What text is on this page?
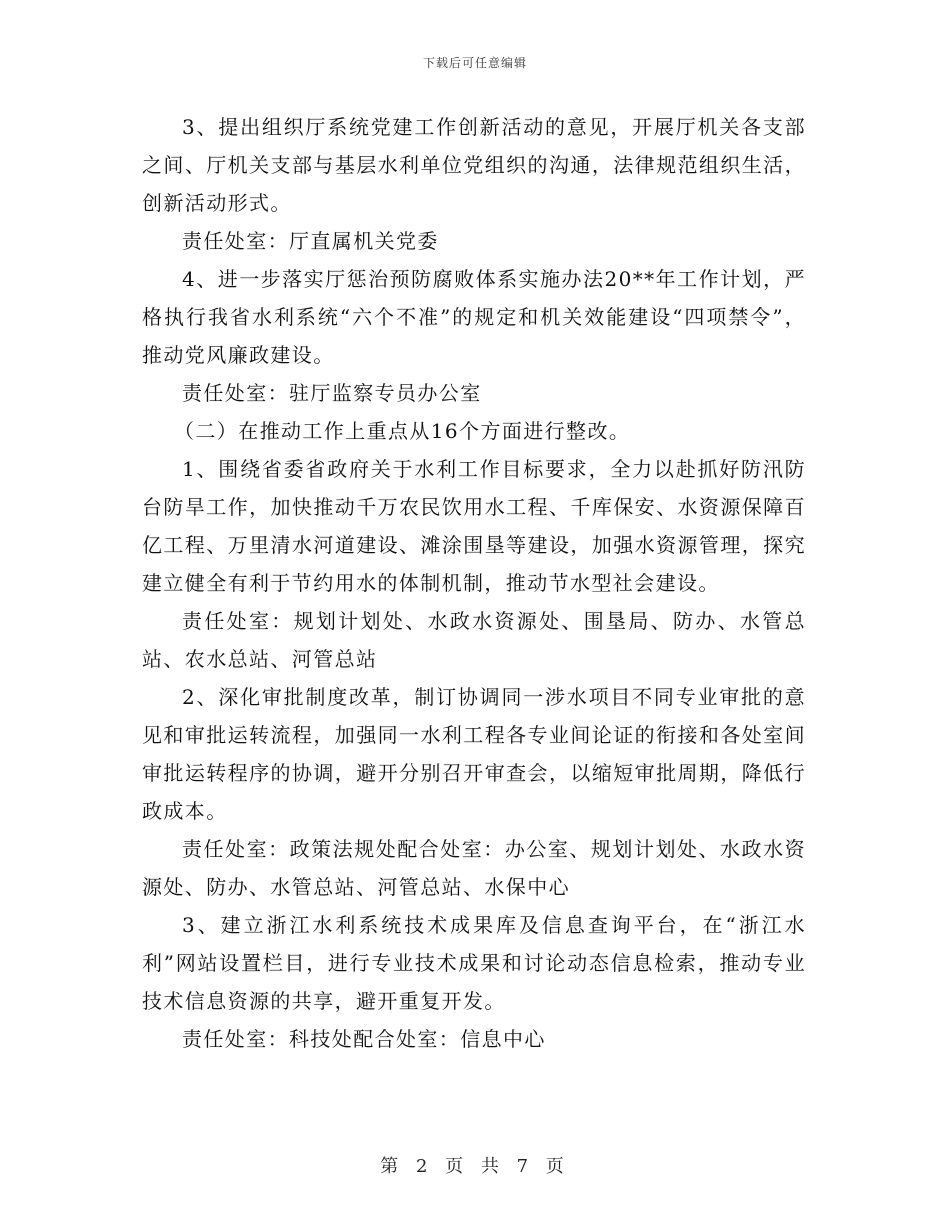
下载后可任意编辑

3、提出组织厅系统党建工作创新活动的意见，开展厅机关各支部之间、厅机关支部与基层水利单位党组织的沟通，法律规范组织生活，创新活动形式。

责任处室：厅直属机关党委

4、进一步落实厅惩治预防腐败体系实施办法20**年工作计划，严格执行我省水利系统“六个不准”的规定和机关效能建设“四项禁令”，推动党风廉政建设。

责任处室：驻厅监察专员办公室

（二）在推动工作上重点从16个方面进行整改。

1、围绕省委省政府关于水利工作目标要求，全力以赴抓好防汛防台防旱工作，加快推动千万农民饮用水工程、千库保安、水资源保障百亿工程、万里清水河道建设、滩涂围垦等建设，加强水资源管理，探究建立健全有利于节约用水的体制机制，推动节水型社会建设。

责任处室：规划计划处、水政水资源处、围垦局、防办、水管总站、农水总站、河管总站

2、深化审批制度改革，制订协调同一涉水项目不同专业审批的意见和审批运转流程，加强同一水利工程各专业间论证的衔接和各处室间审批运转程序的协调，避开分别召开审查会，以缩短审批周期，降低行政成本。

责任处室：政策法规处配合处室：办公室、规划计划处、水政水资源处、防办、水管总站、河管总站、水保中心

3、建立浙江水利系统技术成果库及信息查询平台，在“浙江水利”网站设置栏目，进行专业技术成果和讨论动态信息检索，推动专业技术信息资源的共享，避开重复开发。

责任处室：科技处配合处室：信息中心

第 2 页 共 7 页
